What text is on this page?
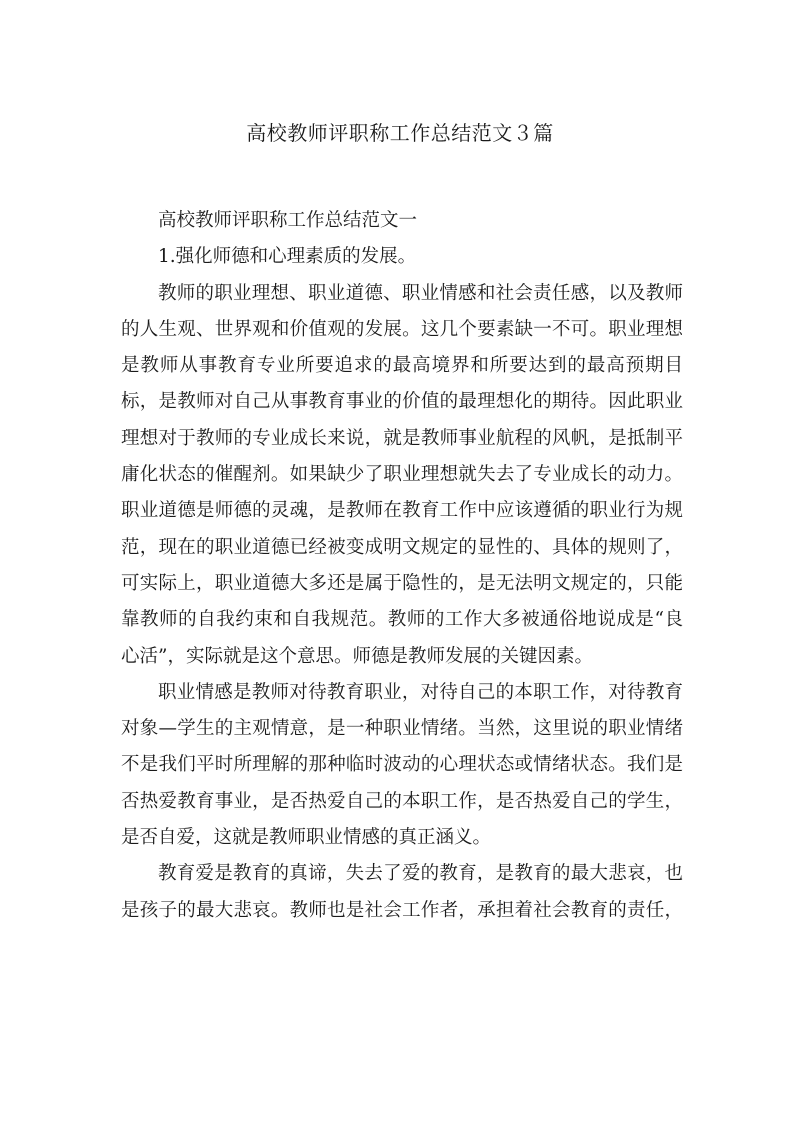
高校教师评职称工作总结范文３篇
高校教师评职称工作总结范文一
1.强化师德和心理素质的发展。
教师的职业理想、职业道德、职业情感和社会责任感，以及教师
的人生观、世界观和价值观的发展。这几个要素缺一不可。职业理想
是教师从事教育专业所要追求的最高境界和所要达到的最高预期目
标，是教师对自己从事教育事业的价值的最理想化的期待。因此职业
理想对于教师的专业成长来说，就是教师事业航程的风帆，是抵制平
庸化状态的催醒剂。如果缺少了职业理想就失去了专业成长的动力。
职业道德是师德的灵魂，是教师在教育工作中应该遵循的职业行为规
范，现在的职业道德已经被变成明文规定的显性的、具体的规则了，
可实际上，职业道德大多还是属于隐性的，是无法明文规定的，只能
靠教师的自我约束和自我规范。教师的工作大多被通俗地说成是“良
心活”，实际就是这个意思。师德是教师发展的关键因素。
职业情感是教师对待教育职业，对待自己的本职工作，对待教育
对象—学生的主观情意，是一种职业情绪。当然，这里说的职业情绪
不是我们平时所理解的那种临时波动的心理状态或情绪状态。我们是
否热爱教育事业，是否热爱自己的本职工作，是否热爱自己的学生，
是否自爱，这就是教师职业情感的真正涵义。
教育爱是教育的真谛，失去了爱的教育，是教育的最大悲哀，也
是孩子的最大悲哀。教师也是社会工作者，承担着社会教育的责任，
